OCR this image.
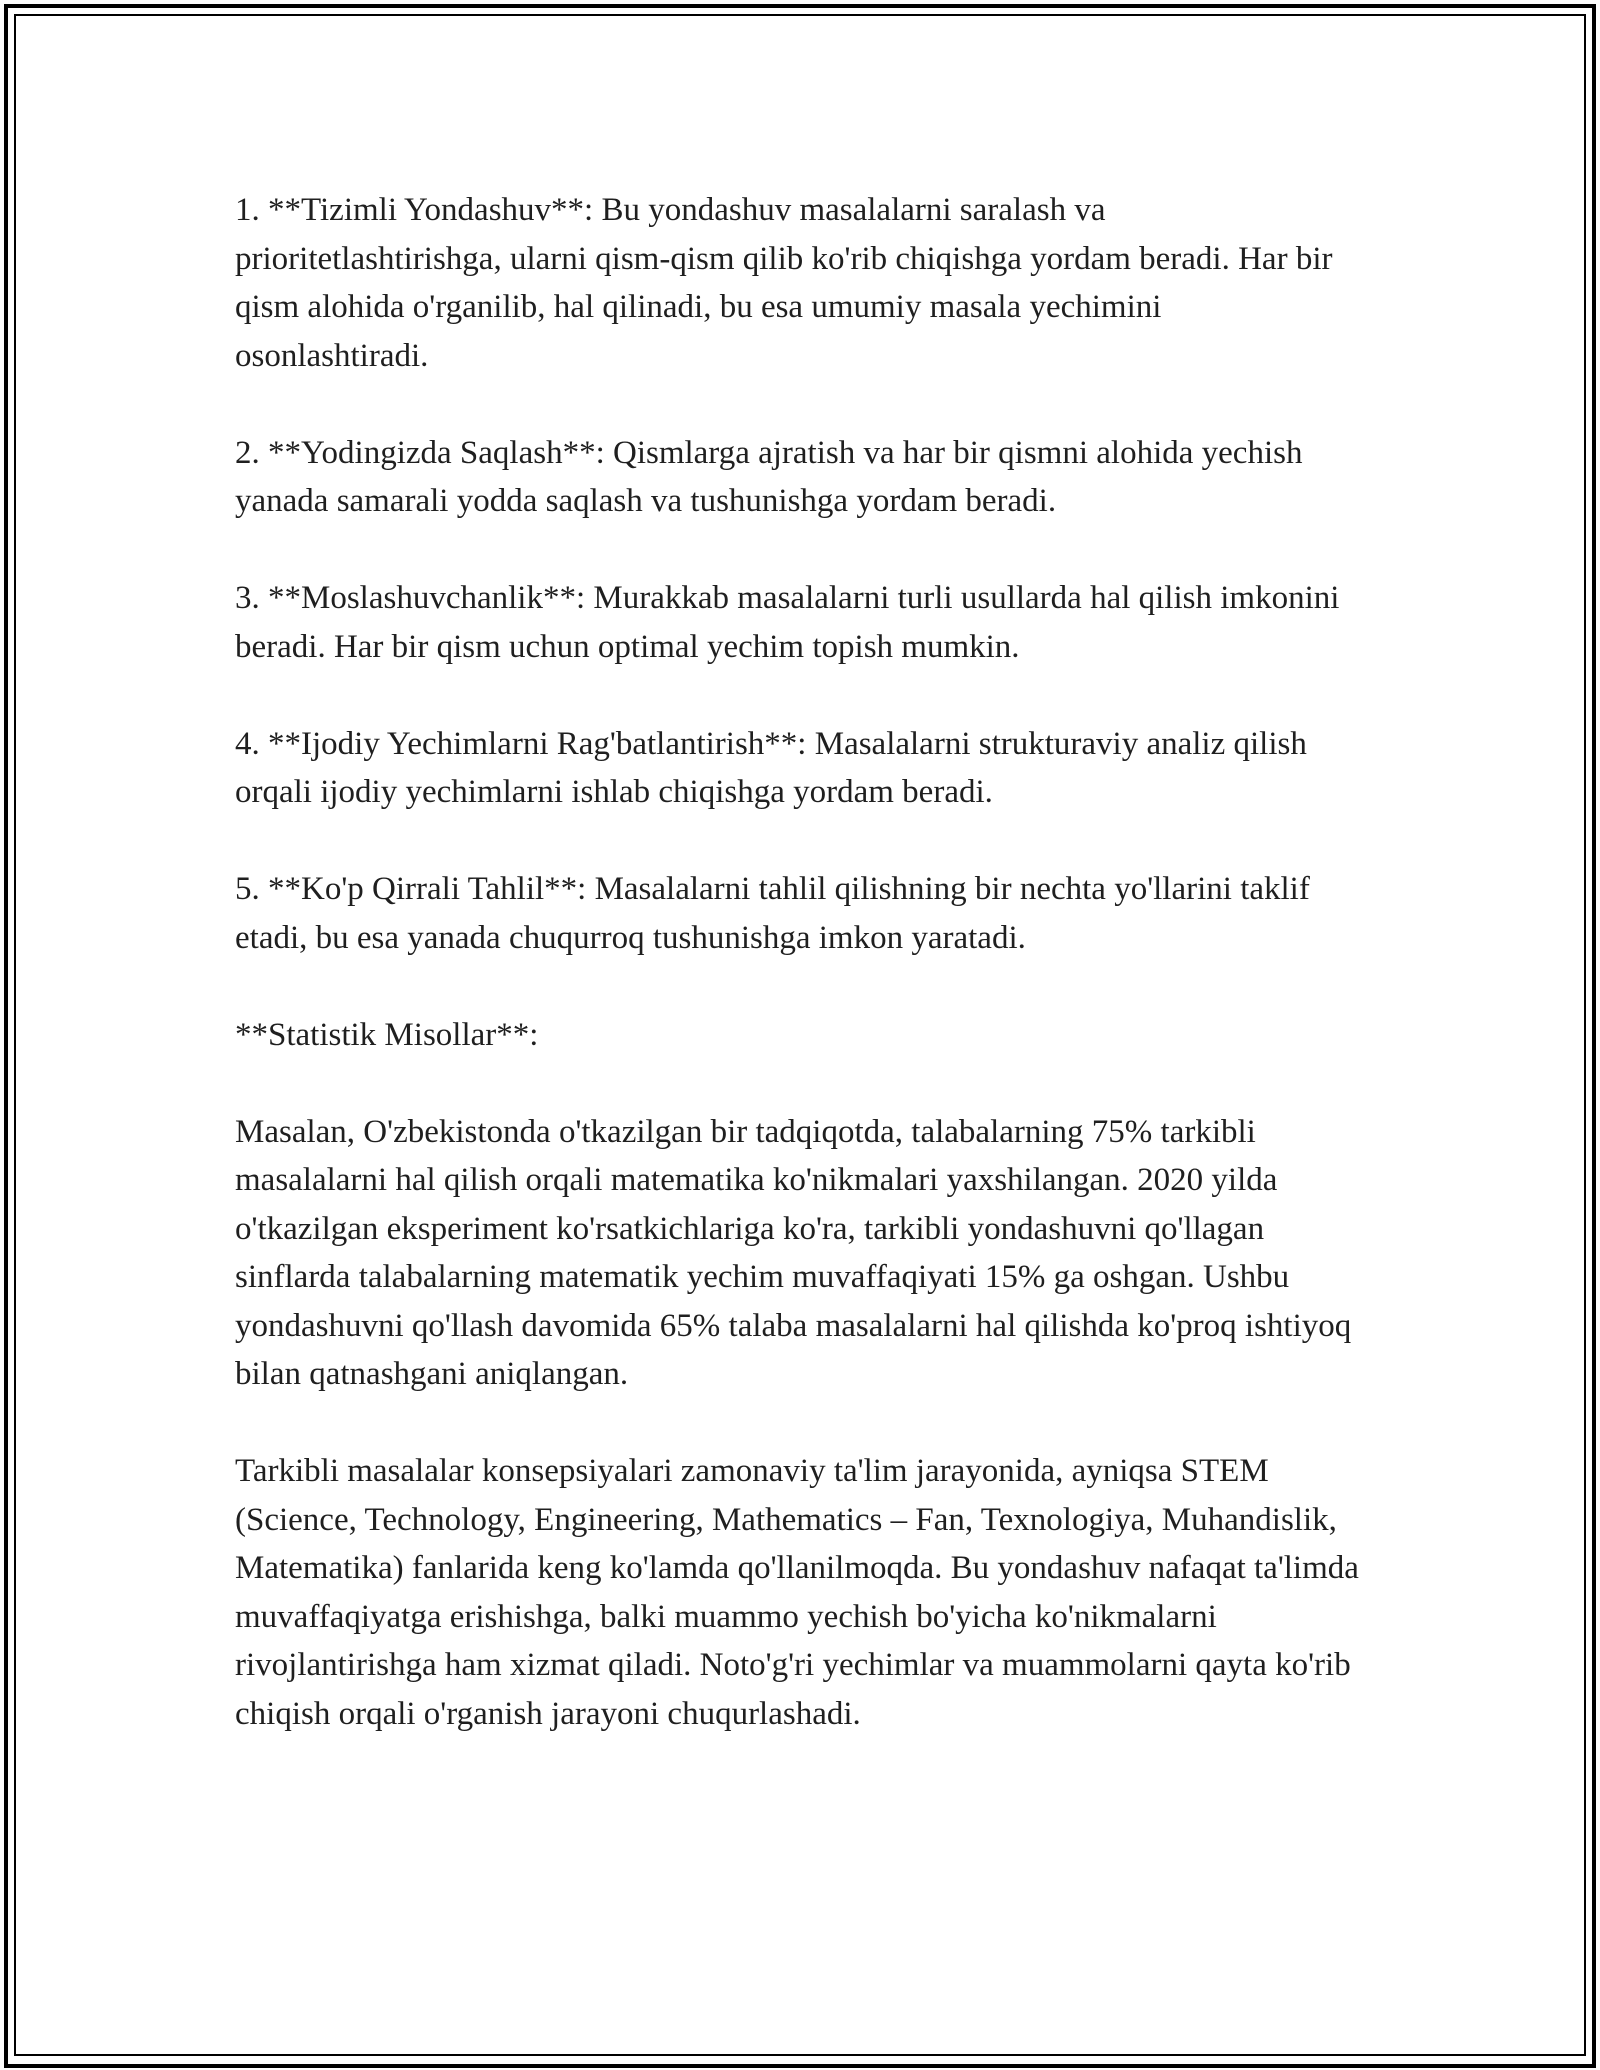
1. **Tizimli Yondashuv**: Bu yondashuv masalalarni saralash va prioritetlashtirishga, ularni qism-qism qilib ko'rib chiqishga yordam beradi. Har bir qism alohida o'rganilib, hal qilinadi, bu esa umumiy masala yechimini osonlashtiradi.

2. **Yodingizda Saqlash**: Qismlarga ajratish va har bir qismni alohida yechish yanada samarali yodda saqlash va tushunishga yordam beradi.

3. **Moslashuvchanlik**: Murakkab masalalarni turli usullarda hal qilish imkonini beradi. Har bir qism uchun optimal yechim topish mumkin.

4. **Ijodiy Yechimlarni Rag'batlantirish**: Masalalarni strukturaviy analiz qilish orqali ijodiy yechimlarni ishlab chiqishga yordam beradi.

5. **Ko'p Qirrali Tahlil**: Masalalarni tahlil qilishning bir nechta yo'llarini taklif etadi, bu esa yanada chuqurroq tushunishga imkon yaratadi.

**Statistik Misollar**:

Masalan, O'zbekistonda o'tkazilgan bir tadqiqotda, talabalarning 75% tarkibli masalalarni hal qilish orqali matematika ko'nikmalari yaxshilangan. 2020 yilda o'tkazilgan eksperiment ko'rsatkichlariga ko'ra, tarkibli yondashuvni qo'llagan sinflarda talabalarning matematik yechim muvaffaqiyati 15% ga oshgan. Ushbu yondashuvni qo'llash davomida 65% talaba masalalarni hal qilishda ko'proq ishtiyoq bilan qatnashgani aniqlangan.

Tarkibli masalalar konsepsiyalari zamonaviy ta'lim jarayonida, ayniqsa STEM (Science, Technology, Engineering, Mathematics – Fan, Texnologiya, Muhandislik, Matematika) fanlarida keng ko'lamda qo'llanilmoqda. Bu yondashuv nafaqat ta'limda muvaffaqiyatga erishishga, balki muammo yechish bo'yicha ko'nikmalarni rivojlantirishga ham xizmat qiladi. Noto'g'ri yechimlar va muammolarni qayta ko'rib chiqish orqali o'rganish jarayoni chuqurlashadi.
